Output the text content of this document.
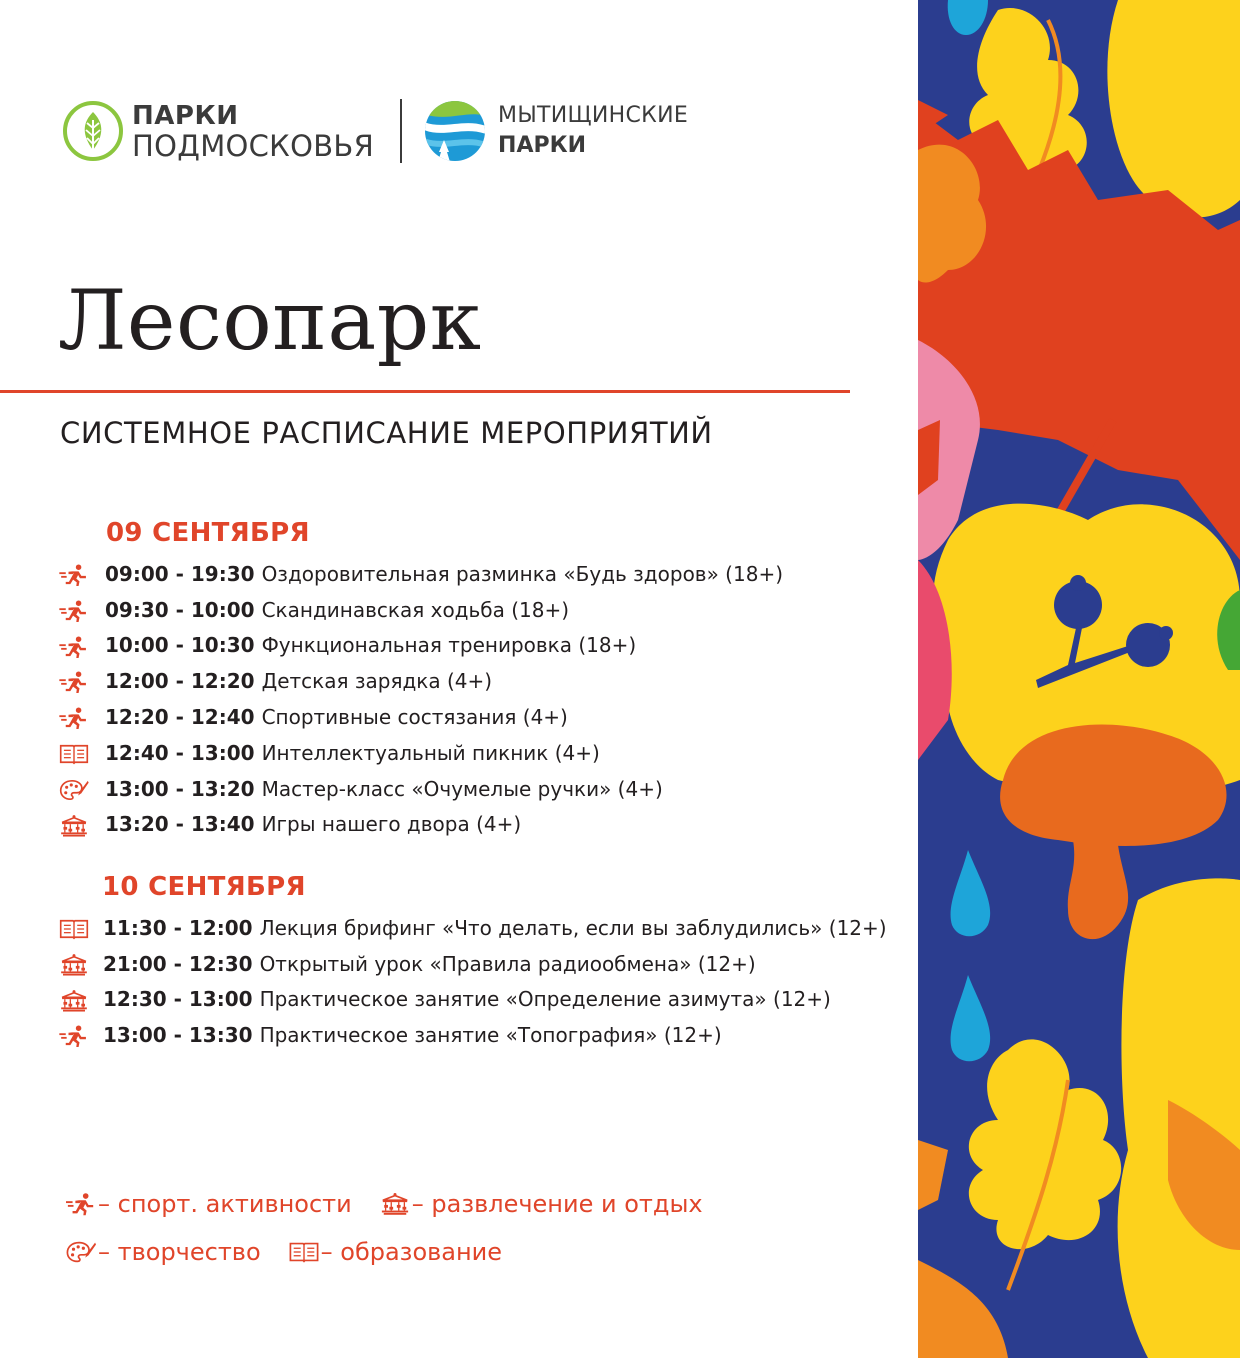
ПАРКИ
ПОДМОСКОВЬЯ
МЫТИЩИНСКИЕ
ПАРКИ
Лесопарк
СИСТЕМНОЕ РАСПИСАНИЕ МЕРОПРИЯТИЙ
09 СЕНТЯБРЯ
09:00 - 19:30 Оздоровительная разминка «Будь здоров» (18+)
09:30 - 10:00 Скандинавская ходьба (18+)
10:00 - 10:30 Функциональная тренировка (18+)
12:00 - 12:20 Детская зарядка (4+)
12:20 - 12:40 Спортивные состязания (4+)
12:40 - 13:00 Интеллектуальный пикник (4+)
13:00 - 13:20 Мастер-класс «Очумелые ручки» (4+)
13:20 - 13:40 Игры нашего двора (4+)
10 СЕНТЯБРЯ
11:30 - 12:00 Лекция брифинг «Что делать, если вы заблудились» (12+)
21:00 - 12:30 Открытый урок «Правила радиообмена» (12+)
12:30 - 13:00 Практическое занятие «Определение азимута» (12+)
13:00 - 13:30 Практическое занятие «Топография» (12+)
– спорт. активности	– развлечение и отдых
– творчество	– образование
